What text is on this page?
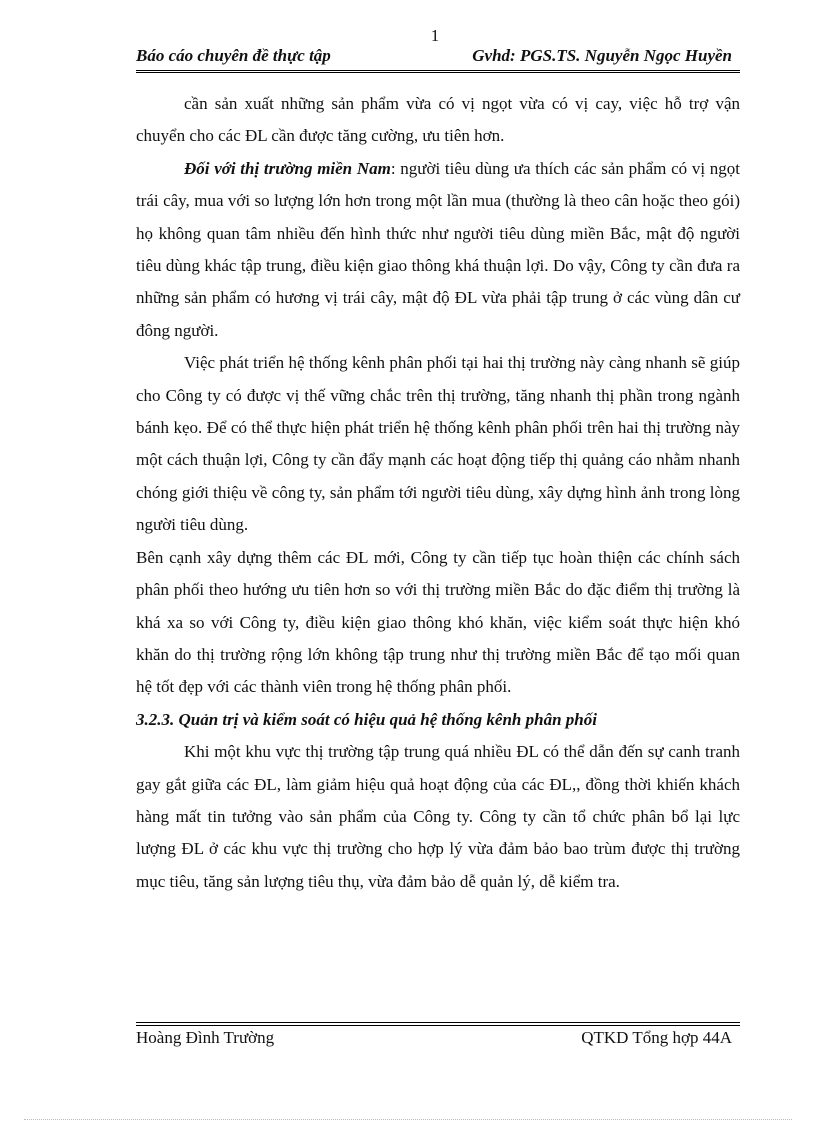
1
Báo cáo chuyên đề thực tập	Gvhd: PGS.TS. Nguyễn Ngọc Huyền

cần sản xuất những sản phẩm vừa có vị ngọt vừa có vị cay, việc hỗ trợ vận chuyển cho các ĐL cần được tăng cường, ưu tiên hơn.

Đối với thị trường miền Nam: người tiêu dùng ưa thích các sản phẩm có vị ngọt trái cây, mua với so lượng lớn hơn trong một lần mua (thường là theo cân hoặc theo gói) họ không quan tâm nhiều đến hình thức như người tiêu dùng miền Bắc, mật độ người tiêu dùng khác tập trung, điều kiện giao thông khá thuận lợi. Do vậy, Công ty cần đưa ra những sản phẩm có hương vị trái cây, mật độ ĐL vừa phải tập trung ở các vùng dân cư đông người.

Việc phát triển hệ thống kênh phân phối tại hai thị trường này càng nhanh sẽ giúp cho Công ty có được vị thế vững chắc trên thị trường, tăng nhanh thị phần trong ngành bánh kẹo. Để có thể thực hiện phát triển hệ thống kênh phân phối trên hai thị trường này một cách thuận lợi, Công ty cần đẩy mạnh các hoạt động tiếp thị quảng cáo nhằm nhanh chóng giới thiệu về công ty, sản phẩm tới người tiêu dùng, xây dựng hình ảnh trong lòng người tiêu dùng.

Bên cạnh xây dựng thêm các ĐL mới, Công ty cần tiếp tục hoàn thiện các chính sách phân phối theo hướng ưu tiên hơn so với thị trường miền Bắc do đặc điểm thị trường là khá xa so với Công ty, điều kiện giao thông khó khăn, việc kiểm soát thực hiện khó khăn do thị trường rộng lớn không tập trung như thị trường miền Bắc để tạo mối quan hệ tốt đẹp với các thành viên trong hệ thống phân phối.

3.2.3. Quản trị và kiểm soát có hiệu quả hệ thống kênh phân phối

Khi một khu vực thị trường tập trung quá nhiều ĐL có thể dẫn đến sự canh tranh gay gắt giữa các ĐL, làm giảm hiệu quả hoạt động của các ĐL,, đồng thời khiến khách hàng mất tin tưởng vào sản phẩm của Công ty. Công ty cần tổ chức phân bổ lại lực lượng ĐL ở các khu vực thị trường cho hợp lý vừa đảm bảo bao trùm được thị trường mục tiêu, tăng sản lượng tiêu thụ, vừa đảm bảo dễ quản lý, dễ kiểm tra.

Hoàng Đình Trường	QTKD Tổng hợp 44A
